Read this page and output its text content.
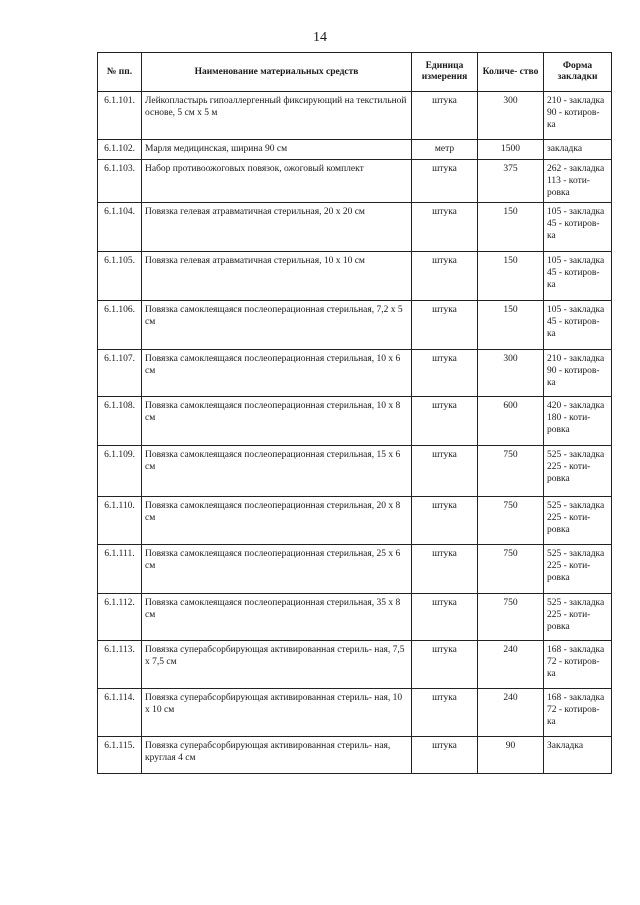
14
№ пп.	Наименование материальных средств	Единица измерения	Количе- ство	Форма закладки
6.1.101.	Лейкопластырь гипоаллергенный фиксирующий на текстильной основе, 5 см х 5 м	штука	300	210 - закладка 90 - котиров- ка
6.1.102.	Марля медицинская, ширина 90 см	метр	1500	закладка
6.1.103.	Набор противоожоговых повязок, ожоговый комплект	штука	375	262 - закладка 113 - коти- ровка
6.1.104.	Повязка гелевая атравматичная стерильная, 20 х 20 см	штука	150	105 - закладка 45 - котиров- ка
6.1.105.	Повязка гелевая атравматичная стерильная, 10 х 10 см	штука	150	105 - закладка 45 - котиров- ка
6.1.106.	Повязка самоклеящаяся послеоперационная стерильная, 7,2 х 5 см	штука	150	105 - закладка 45 - котиров- ка
6.1.107.	Повязка самоклеящаяся послеоперационная стерильная, 10 х 6 см	штука	300	210 - закладка 90 - котиров- ка
6.1.108.	Повязка самоклеящаяся послеоперационная стерильная, 10 х 8 см	штука	600	420 - закладка 180 - коти- ровка
6.1.109.	Повязка самоклеящаяся послеоперационная стерильная, 15 х 6 см	штука	750	525 - закладка 225 - коти- ровка
6.1.110.	Повязка самоклеящаяся послеоперационная стерильная, 20 х 8 см	штука	750	525 - закладка 225 - коти- ровка
6.1.111.	Повязка самоклеящаяся послеоперационная стерильная, 25 х 6 см	штука	750	525 - закладка 225 - коти- ровка
6.1.112.	Повязка самоклеящаяся послеоперационная стерильная, 35 х 8 см	штука	750	525 - закладка 225 - коти- ровка
6.1.113.	Повязка суперабсорбирующая активированная стериль- ная, 7,5 х 7,5 см	штука	240	168 - закладка 72 - котиров- ка
6.1.114.	Повязка суперабсорбирующая активированная стериль- ная, 10 х 10 см	штука	240	168 - закладка 72 - котиров- ка
6.1.115.	Повязка суперабсорбирующая активированная стериль- ная, круглая 4 см	штука	90	Закладка
